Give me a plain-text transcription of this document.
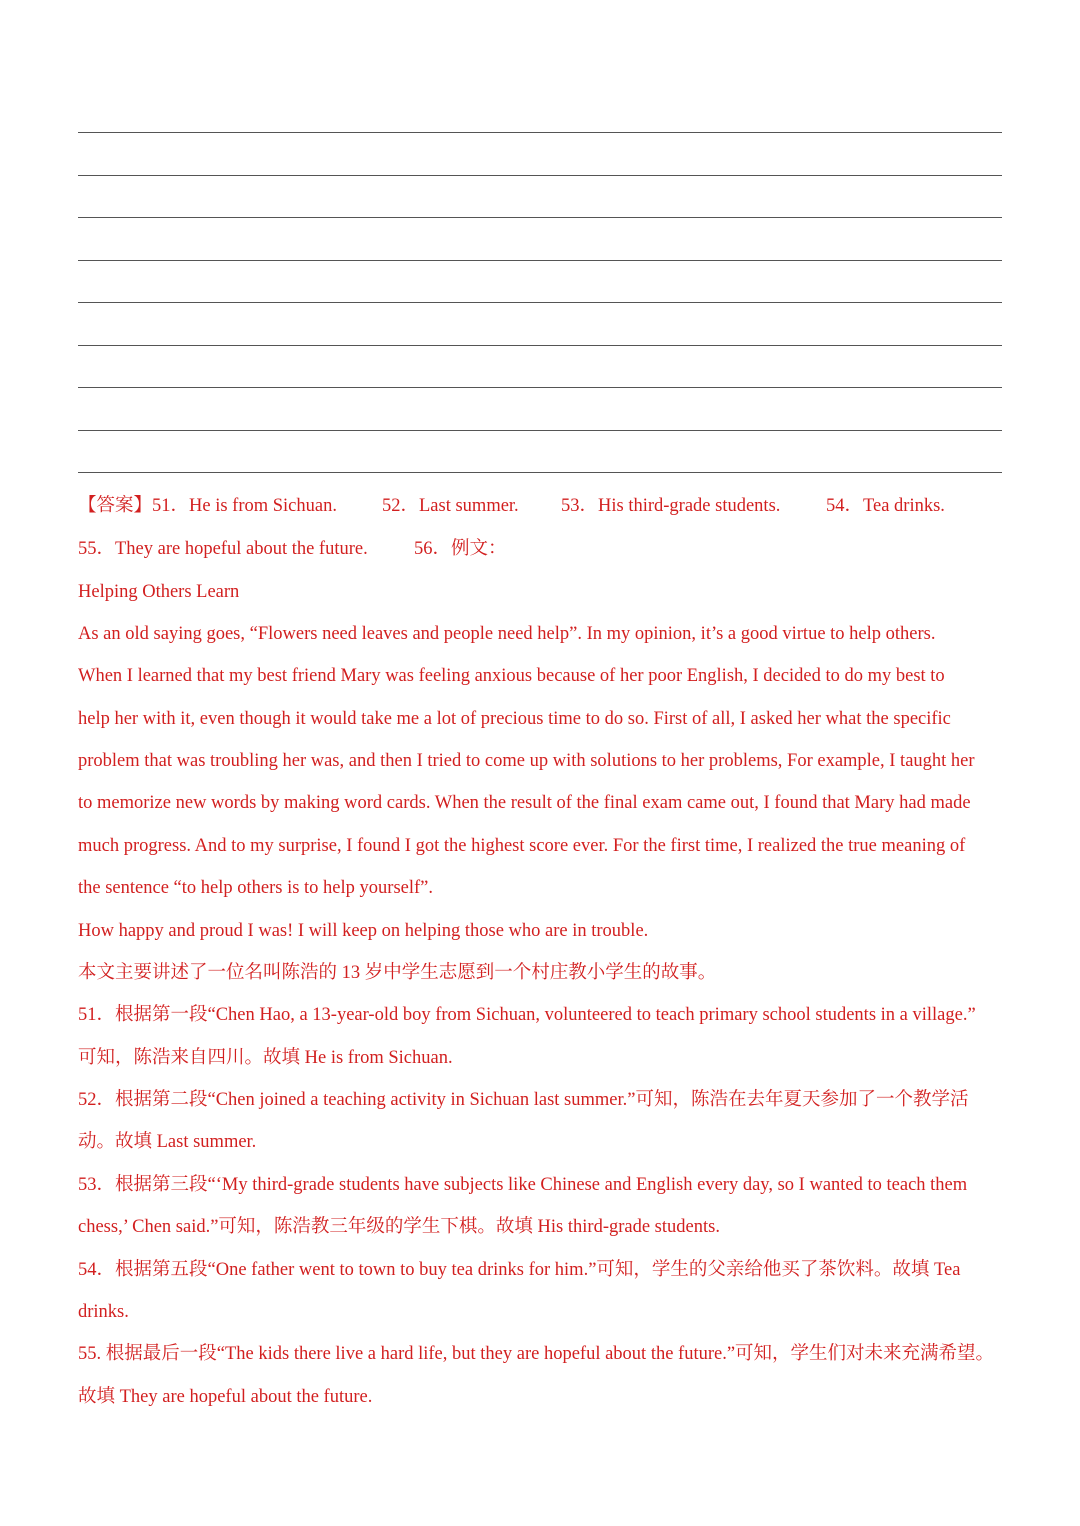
【答案】51．He is from Sichuan. 52．Last summer. 53．His third-grade students. 54．Tea drinks.
55．They are hopeful about the future.	56．例文：
Helping Others Learn
As an old saying goes, “Flowers need leaves and people need help”. In my opinion, it’s a good virtue to help others.
When I learned that my best friend Mary was feeling anxious because of her poor English, I decided to do my best to
help her with it, even though it would take me a lot of precious time to do so. First of all, I asked her what the specific
problem that was troubling her was, and then I tried to come up with solutions to her problems, For example, I taught her
to memorize new words by making word cards. When the result of the final exam came out, I found that Mary had made
much progress. And to my surprise, I found I got the highest score ever. For the first time, I realized the true meaning of
the sentence “to help others is to help yourself”.
How happy and proud I was! I will keep on helping those who are in trouble.
本文主要讲述了一位名叫陈浩的 13 岁中学生志愿到一个村庄教小学生的故事。
51．根据第一段“Chen Hao, a 13-year-old boy from Sichuan, volunteered to teach primary school students in a village.”
可知，陈浩来自四川。故填 He is from Sichuan.
52．根据第二段“Chen joined a teaching activity in Sichuan last summer.”可知，陈浩在去年夏天参加了一个教学活
动。故填 Last summer.
53．根据第三段“‘My third-grade students have subjects like Chinese and English every day, so I wanted to teach them
chess,’ Chen said.”可知，陈浩教三年级的学生下棋。故填 His third-grade students.
54．根据第五段“One father went to town to buy tea drinks for him.”可知，学生的父亲给他买了茶饮料。故填 Tea
drinks.
55. 根据最后一段“The kids there live a hard life, but they are hopeful about the future.”可知，学生们对未来充满希望。
故填 They are hopeful about the future.
